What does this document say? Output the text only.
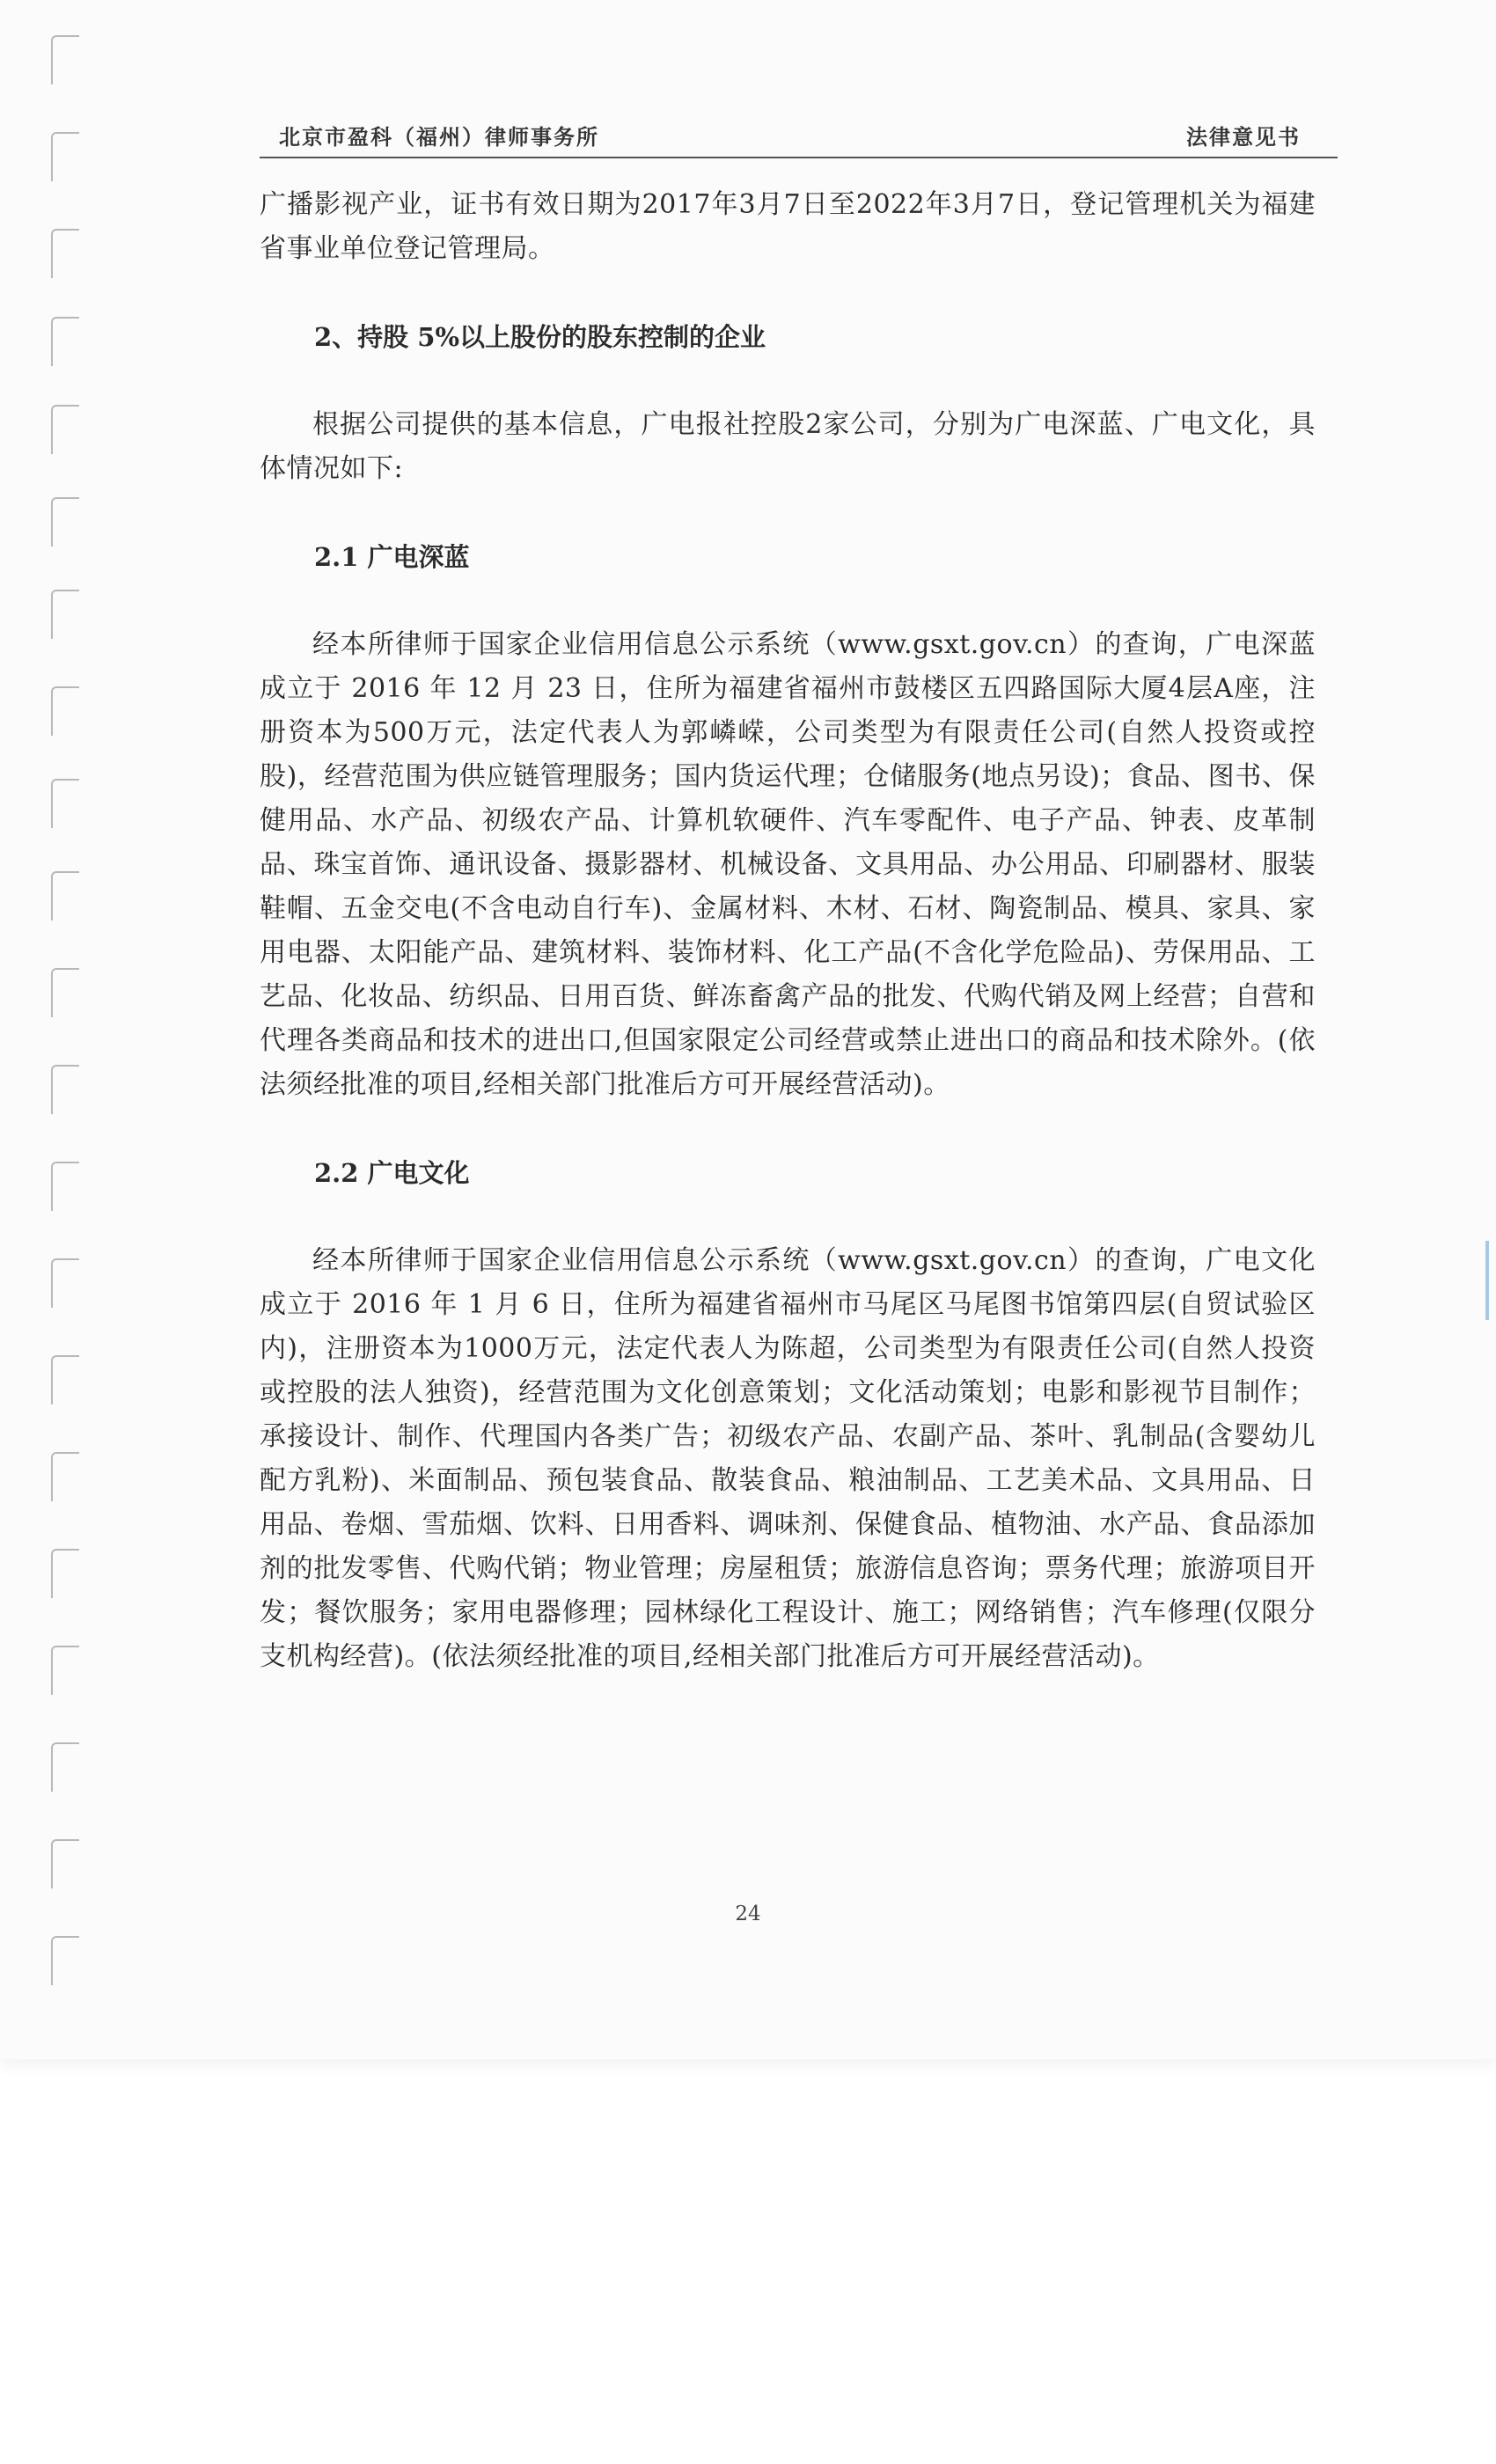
北京市盈科（福州）律师事务所	法律意见书

广播影视产业，证书有效日期为2017年3月7日至2022年3月7日，登记管理机关为福建省事业单位登记管理局。

2、持股 5%以上股份的股东控制的企业

根据公司提供的基本信息，广电报社控股2家公司，分别为广电深蓝、广电文化，具体情况如下:

2.1 广电深蓝

经本所律师于国家企业信用信息公示系统（www.gsxt.gov.cn）的查询，广电深蓝成立于 2016 年 12 月 23 日，住所为福建省福州市鼓楼区五四路国际大厦4层A座，注册资本为500万元，法定代表人为郭嶙嵘，公司类型为有限责任公司(自然人投资或控股)，经营范围为供应链管理服务；国内货运代理；仓储服务(地点另设)；食品、图书、保健用品、水产品、初级农产品、计算机软硬件、汽车零配件、电子产品、钟表、皮革制品、珠宝首饰、通讯设备、摄影器材、机械设备、文具用品、办公用品、印刷器材、服装鞋帽、五金交电(不含电动自行车)、金属材料、木材、石材、陶瓷制品、模具、家具、家用电器、太阳能产品、建筑材料、装饰材料、化工产品(不含化学危险品)、劳保用品、工艺品、化妆品、纺织品、日用百货、鲜冻畜禽产品的批发、代购代销及网上经营；自营和代理各类商品和技术的进出口,但国家限定公司经营或禁止进出口的商品和技术除外。(依法须经批准的项目,经相关部门批准后方可开展经营活动)。

2.2 广电文化

经本所律师于国家企业信用信息公示系统（www.gsxt.gov.cn）的查询，广电文化成立于 2016 年 1 月 6 日，住所为福建省福州市马尾区马尾图书馆第四层(自贸试验区内)，注册资本为1000万元，法定代表人为陈超，公司类型为有限责任公司(自然人投资或控股的法人独资)，经营范围为文化创意策划；文化活动策划；电影和影视节目制作；承接设计、制作、代理国内各类广告；初级农产品、农副产品、茶叶、乳制品(含婴幼儿配方乳粉)、米面制品、预包装食品、散装食品、粮油制品、工艺美术品、文具用品、日用品、卷烟、雪茄烟、饮料、日用香料、调味剂、保健食品、植物油、水产品、食品添加剂的批发零售、代购代销；物业管理；房屋租赁；旅游信息咨询；票务代理；旅游项目开发；餐饮服务；家用电器修理；园林绿化工程设计、施工；网络销售；汽车修理(仅限分支机构经营)。(依法须经批准的项目,经相关部门批准后方可开展经营活动)。

24
